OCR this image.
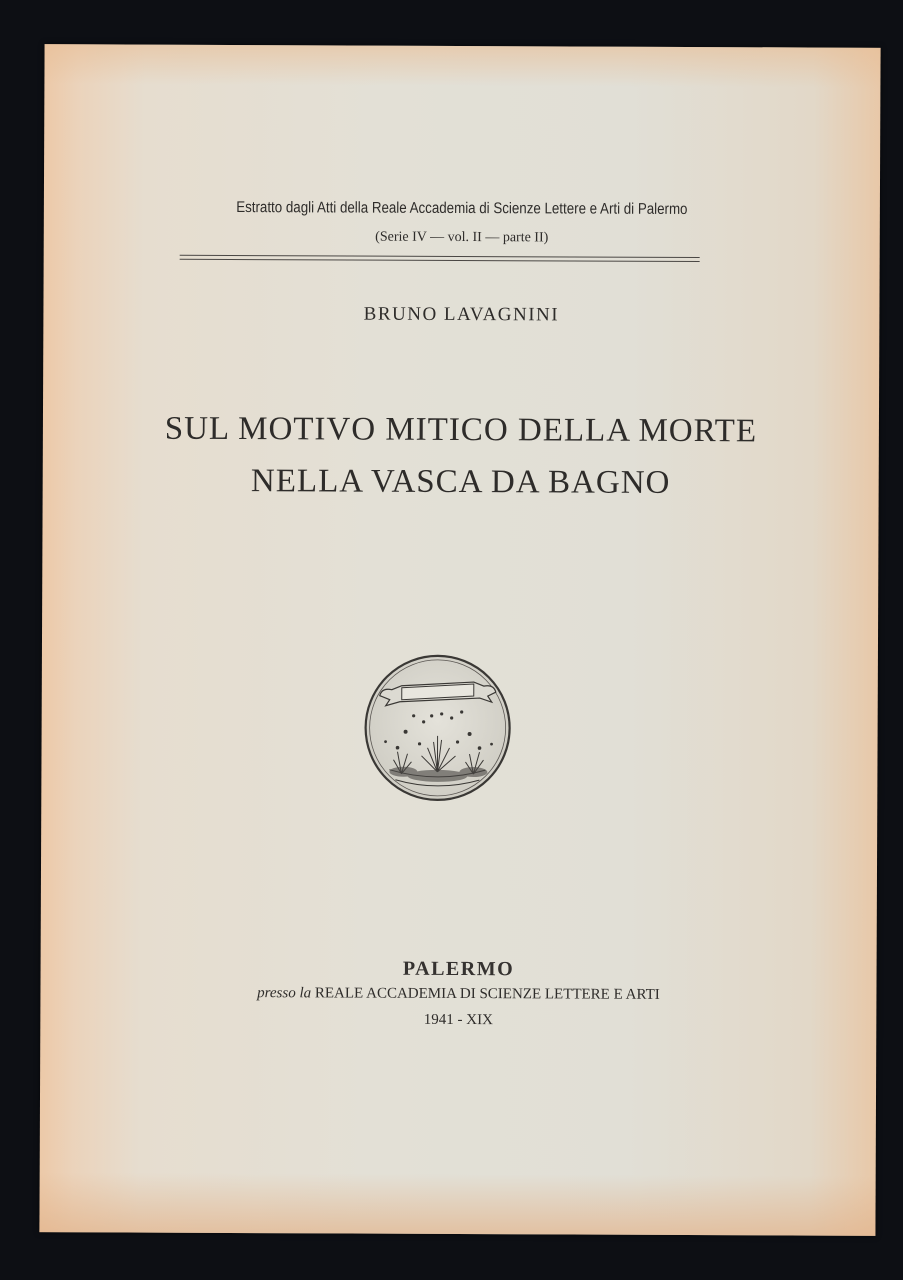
Estratto dagli Atti della Reale Accademia di Scienze Lettere e Arti di Palermo
(Serie IV — vol. II — parte II)
BRUNO LAVAGNINI
SUL MOTIVO MITICO DELLA MORTE
NELLA VASCA DA BAGNO
PALERMO
presso la REALE ACCADEMIA DI SCIENZE LETTERE E ARTI
1941 - XIX
